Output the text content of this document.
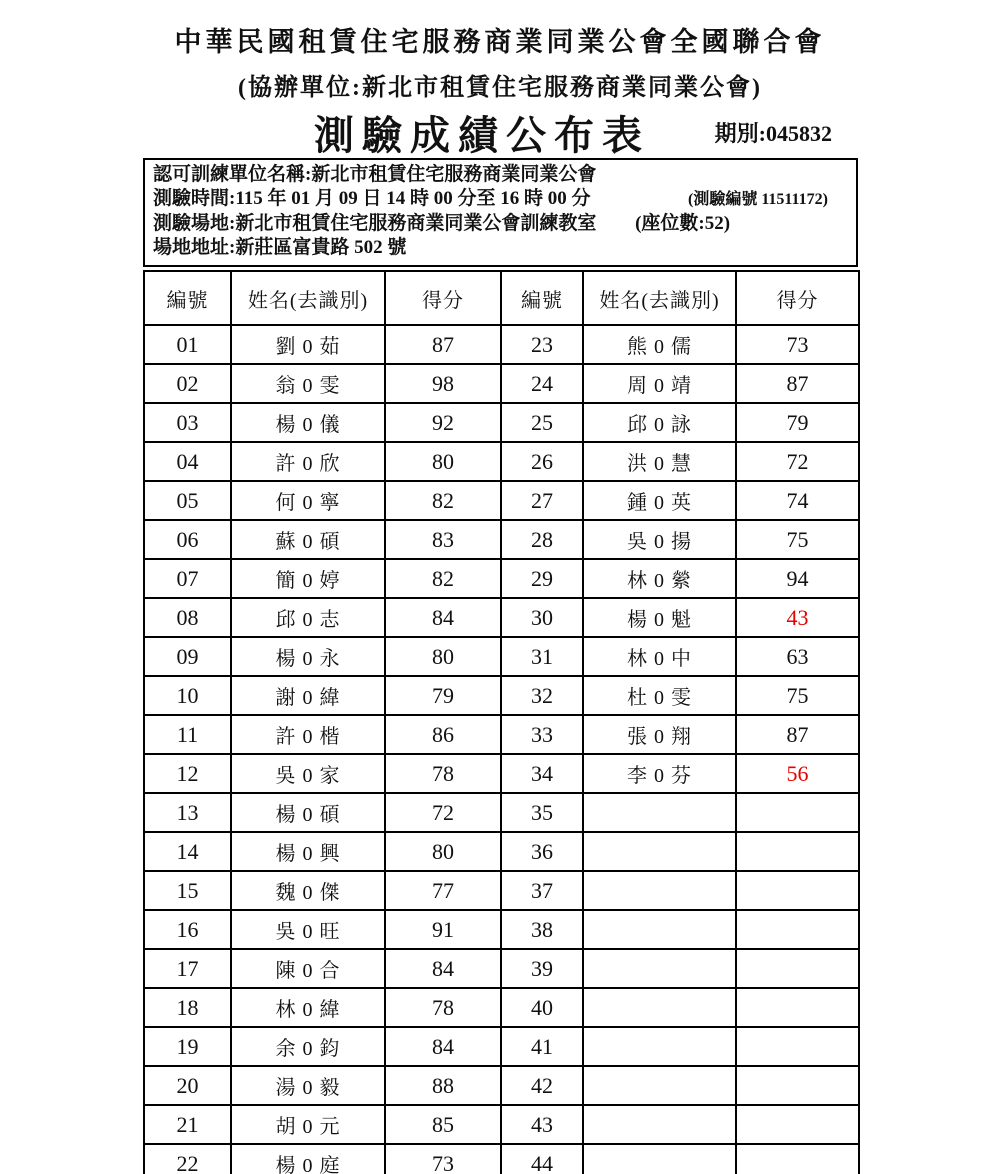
中華民國租賃住宅服務商業同業公會全國聯合會
(協辦單位:新北市租賃住宅服務商業同業公會)
測驗成績公布表	期別:045832
認可訓練單位名稱:新北市租賃住宅服務商業同業公會
測驗時間:115 年 01 月 09 日 14 時 00 分至 16 時 00 分	(測驗編號 11511172)
測驗場地:新北市租賃住宅服務商業同業公會訓練教室 (座位數:52)
場地地址:新莊區富貴路 502 號
編號	姓名(去識別)	得分	編號	姓名(去識別)	得分
01	劉 0 茹	87	23	熊 0 儒	73
02	翁 0 雯	98	24	周 0 靖	87
03	楊 0 儀	92	25	邱 0 詠	79
04	許 0 欣	80	26	洪 0 慧	72
05	何 0 寧	82	27	鍾 0 英	74
06	蘇 0 碩	83	28	吳 0 揚	75
07	簡 0 婷	82	29	林 0 縈	94
08	邱 0 志	84	30	楊 0 魁	43
09	楊 0 永	80	31	林 0 中	63
10	謝 0 緯	79	32	杜 0 雯	75
11	許 0 楷	86	33	張 0 翔	87
12	吳 0 家	78	34	李 0 芬	56
13	楊 0 碩	72	35		
14	楊 0 興	80	36		
15	魏 0 傑	77	37		
16	吳 0 旺	91	38		
17	陳 0 合	84	39		
18	林 0 緯	78	40		
19	余 0 鈞	84	41		
20	湯 0 毅	88	42		
21	胡 0 元	85	43		
22	楊 0 庭	73	44		
